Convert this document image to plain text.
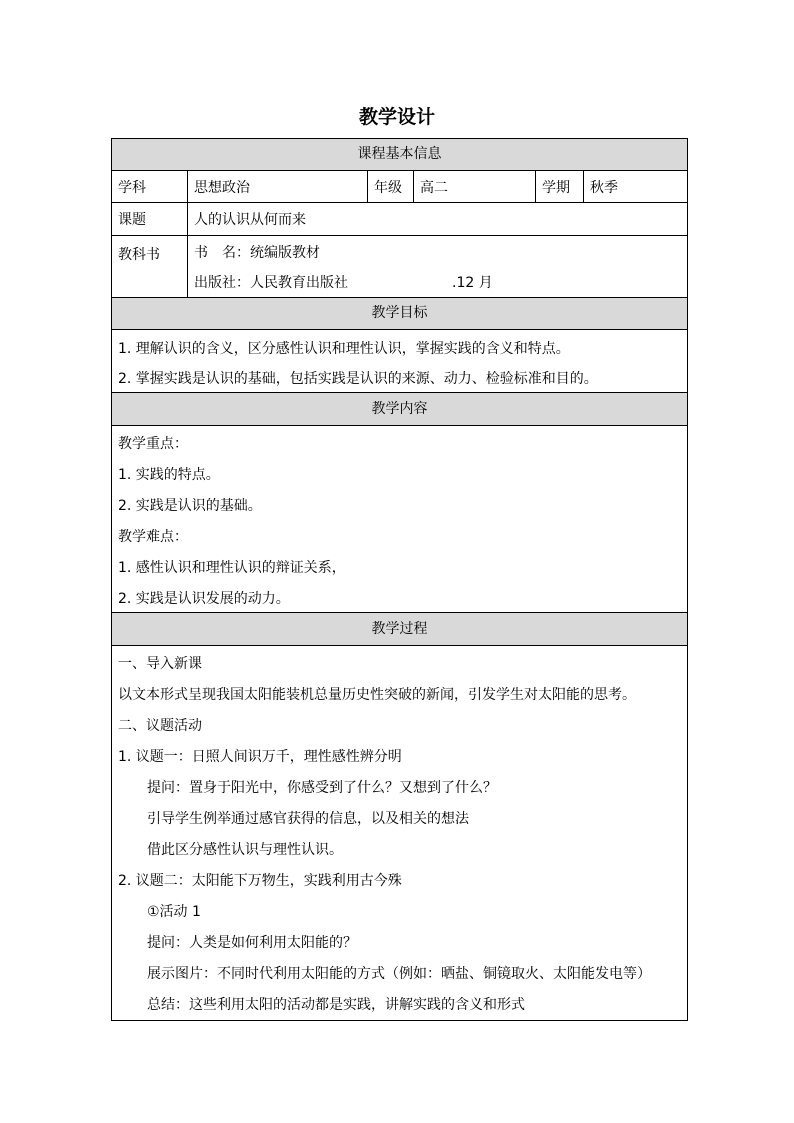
教学设计
课程基本信息
学科	思想政治	年级	高二	学期	秋季
课题	人的认识从何而来
教科书	书　名：统编版教材
出版社：人民教育出版社	.12 月
教学目标
1. 理解认识的含义，区分感性认识和理性认识，掌握实践的含义和特点。
2. 掌握实践是认识的基础，包括实践是认识的来源、动力、检验标准和目的。
教学内容
教学重点：
1. 实践的特点。
2. 实践是认识的基础。
教学难点：
1. 感性认识和理性认识的辩证关系，
2. 实践是认识发展的动力。
教学过程
一、导入新课
以文本形式呈现我国太阳能装机总量历史性突破的新闻，引发学生对太阳能的思考。
二、议题活动
1. 议题一：日照人间识万千，理性感性辨分明
提问：置身于阳光中，你感受到了什么？又想到了什么？
引导学生例举通过感官获得的信息，以及相关的想法
借此区分感性认识与理性认识。
2. 议题二：太阳能下万物生，实践利用古今殊
①活动 1
提问：人类是如何利用太阳能的？
展示图片：不同时代利用太阳能的方式（例如：晒盐、铜镜取火、太阳能发电等）
总结：这些利用太阳的活动都是实践，讲解实践的含义和形式
